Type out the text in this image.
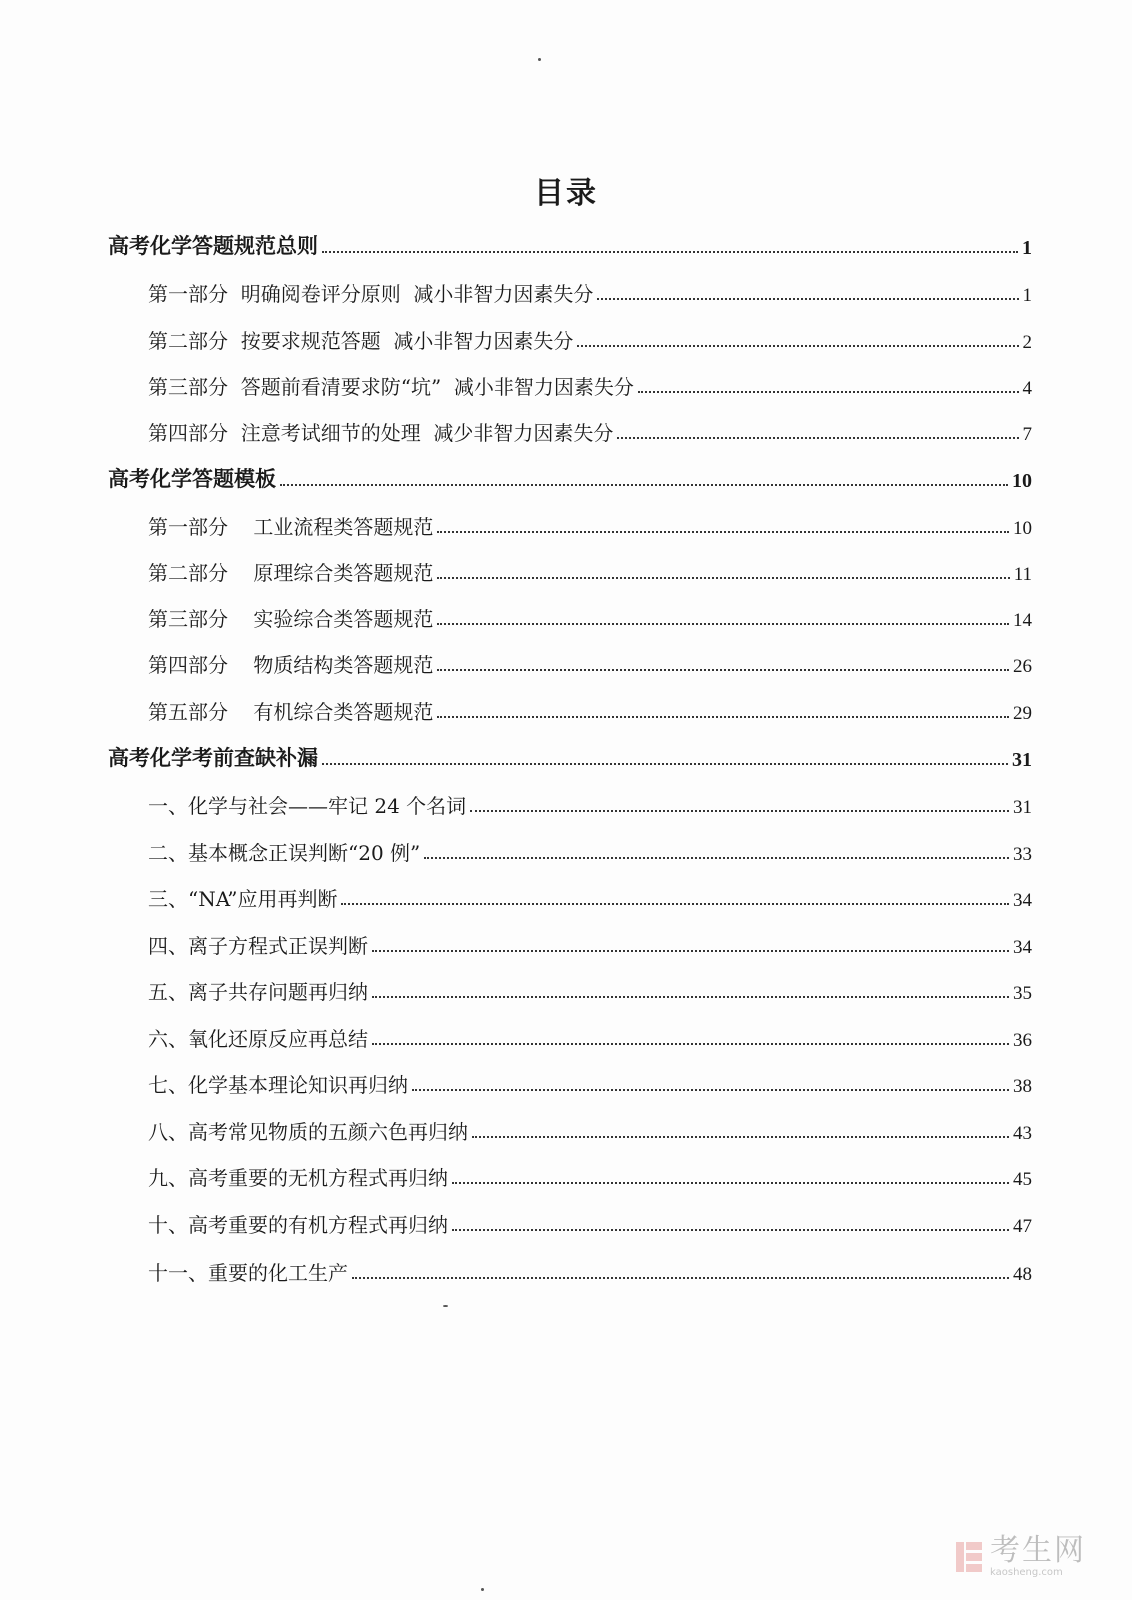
目录
高考化学答题规范总则	1
第一部分  明确阅卷评分原则  减小非智力因素失分	1
第二部分  按要求规范答题  减小非智力因素失分	2
第三部分  答题前看清要求防“坑”  减小非智力因素失分	4
第四部分  注意考试细节的处理  减少非智力因素失分	7
高考化学答题模板	10
第一部分    工业流程类答题规范	10
第二部分    原理综合类答题规范	11
第三部分    实验综合类答题规范	14
第四部分    物质结构类答题规范	26
第五部分    有机综合类答题规范	29
高考化学考前查缺补漏	31
一、化学与社会——牢记 24 个名词	31
二、基本概念正误判断“20 例”	33
三、“NA”应用再判断	34
四、离子方程式正误判断	34
五、离子共存问题再归纳	35
六、氧化还原反应再总结	36
七、化学基本理论知识再归纳	38
八、高考常见物质的五颜六色再归纳	43
九、高考重要的无机方程式再归纳	45
十、高考重要的有机方程式再归纳	47
十一、重要的化工生产	48
考生网
kaosheng.com
